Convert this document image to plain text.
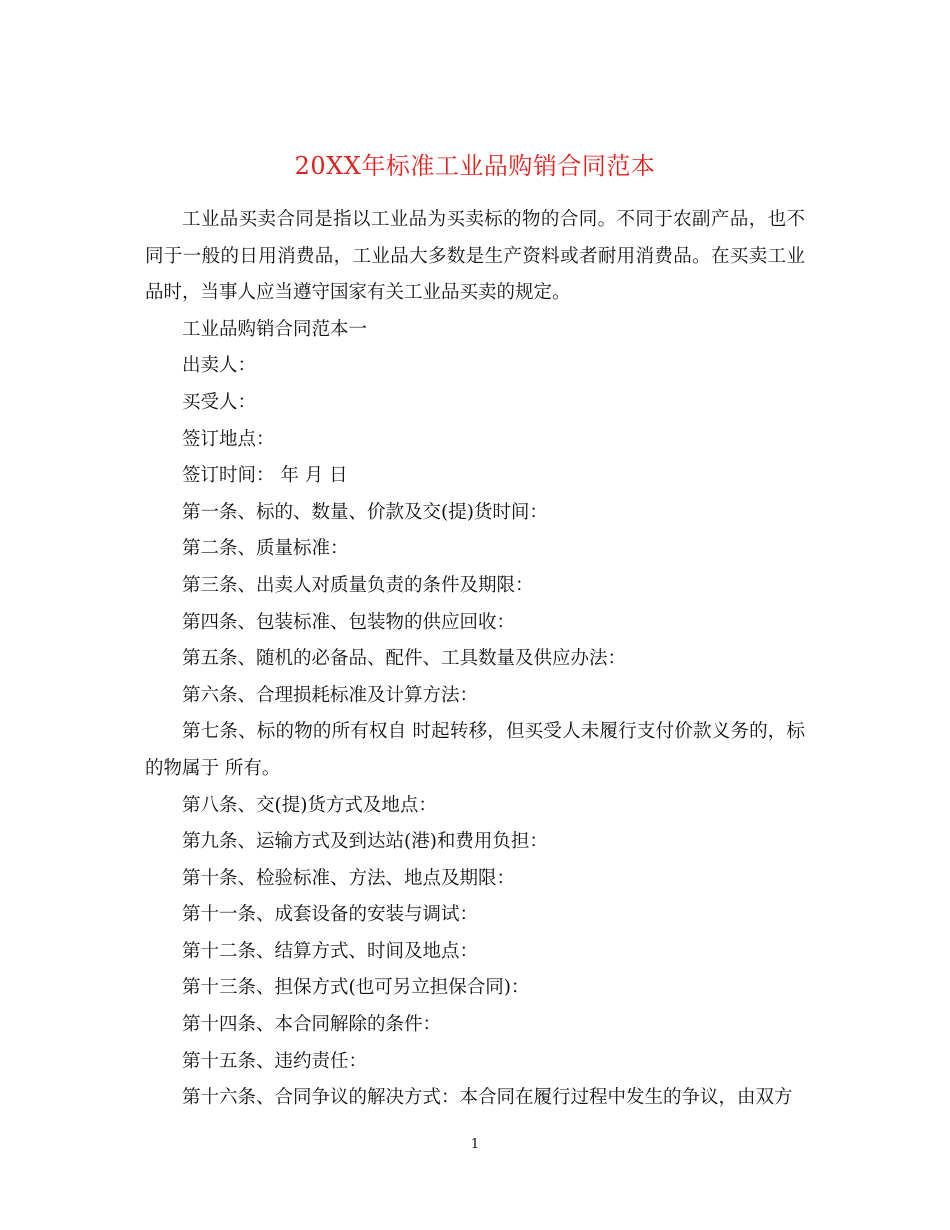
20XX年标准工业品购销合同范本

工业品买卖合同是指以工业品为买卖标的物的合同。不同于农副产品，也不同于一般的日用消费品，工业品大多数是生产资料或者耐用消费品。在买卖工业品时，当事人应当遵守国家有关工业品买卖的规定。

工业品购销合同范本一

出卖人：

买受人：

签订地点：

签订时间： 年 月 日

第一条、标的、数量、价款及交(提)货时间：

第二条、质量标准：

第三条、出卖人对质量负责的条件及期限：

第四条、包装标准、包装物的供应回收：

第五条、随机的必备品、配件、工具数量及供应办法：

第六条、合理损耗标准及计算方法：

第七条、标的物的所有权自 时起转移，但买受人未履行支付价款义务的，标的物属于 所有。

第八条、交(提)货方式及地点：

第九条、运输方式及到达站(港)和费用负担：

第十条、检验标准、方法、地点及期限：

第十一条、成套设备的安装与调试：

第十二条、结算方式、时间及地点：

第十三条、担保方式(也可另立担保合同)：

第十四条、本合同解除的条件：

第十五条、违约责任：

第十六条、合同争议的解决方式：本合同在履行过程中发生的争议，由双方

1
